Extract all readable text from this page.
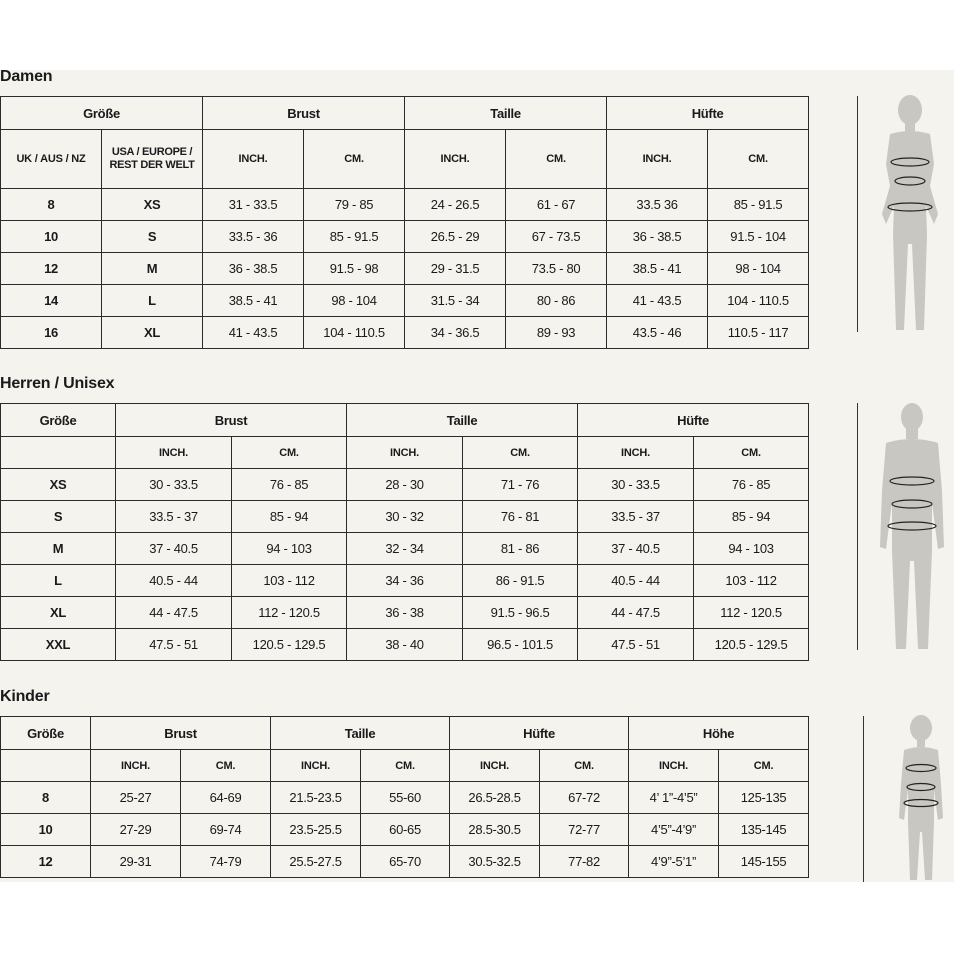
Damen
Größe		Brust		Taille		Hüfte	
UK / AUS / NZ	USA / EUROPE / REST DER WELT	INCH.	CM.	INCH.	CM.	INCH.	CM.
8	XS	31 - 33.5	79 - 85	24 - 26.5	61 - 67	33.5 36	85 - 91.5
10	S	33.5 - 36	85 - 91.5	26.5 - 29	67 - 73.5	36 - 38.5	91.5 - 104
12	M	36 - 38.5	91.5 - 98	29 - 31.5	73.5 - 80	38.5 - 41	98 - 104
14	L	38.5 - 41	98 - 104	31.5 - 34	80 - 86	41 - 43.5	104 - 110.5
16	XL	41 - 43.5	104 - 110.5	34 - 36.5	89 - 93	43.5 - 46	110.5 - 117
Herren / Unisex
Größe	Brust		Taille		Hüfte	
	INCH.	CM.	INCH.	CM.	INCH.	CM.
XS	30 - 33.5	76 - 85	28 - 30	71 - 76	30 - 33.5	76 - 85
S	33.5 - 37	85 - 94	30 - 32	76 - 81	33.5 - 37	85 - 94
M	37 - 40.5	94 - 103	32 - 34	81 - 86	37 - 40.5	94 - 103
L	40.5 - 44	103 - 112	34 - 36	86 - 91.5	40.5 - 44	103 - 112
XL	44 - 47.5	112 - 120.5	36 - 38	91.5 - 96.5	44 - 47.5	112 - 120.5
XXL	47.5 - 51	120.5 - 129.5	38 - 40	96.5 - 101.5	47.5 - 51	120.5 - 129.5
Kinder
Größe	Brust		Taille		Hüfte		Höhe	
	INCH.	CM.	INCH.	CM.	INCH.	CM.	INCH.	CM.
8	25-27	64-69	21.5-23.5	55-60	26.5-28.5	67-72	4’ 1”-4’5”	125-135
10	27-29	69-74	23.5-25.5	60-65	28.5-30.5	72-77	4’5”-4’9”	135-145
12	29-31	74-79	25.5-27.5	65-70	30.5-32.5	77-82	4’9”-5’1”	145-155
